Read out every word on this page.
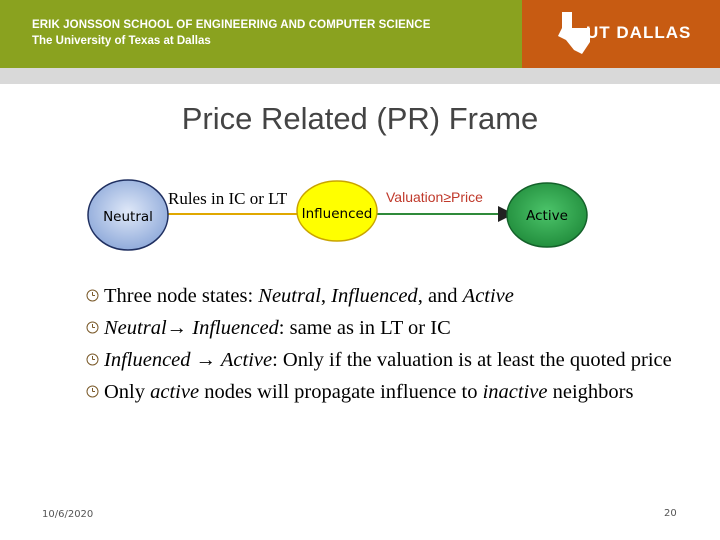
ERIK JONSSON SCHOOL OF ENGINEERING AND COMPUTER SCIENCE
The University of Texas at Dallas	UT DALLAS
Price Related (PR) Frame
Neutral	Influenced	Active
Rules in IC or LT	Valuation≥Price
Three node states: Neutral, Influenced, and Active
Neutral→ Influenced: same as in LT or IC
Influenced → Active: Only if the valuation is at least the quoted price
Only active nodes will propagate influence to inactive neighbors
10/6/2020	20
